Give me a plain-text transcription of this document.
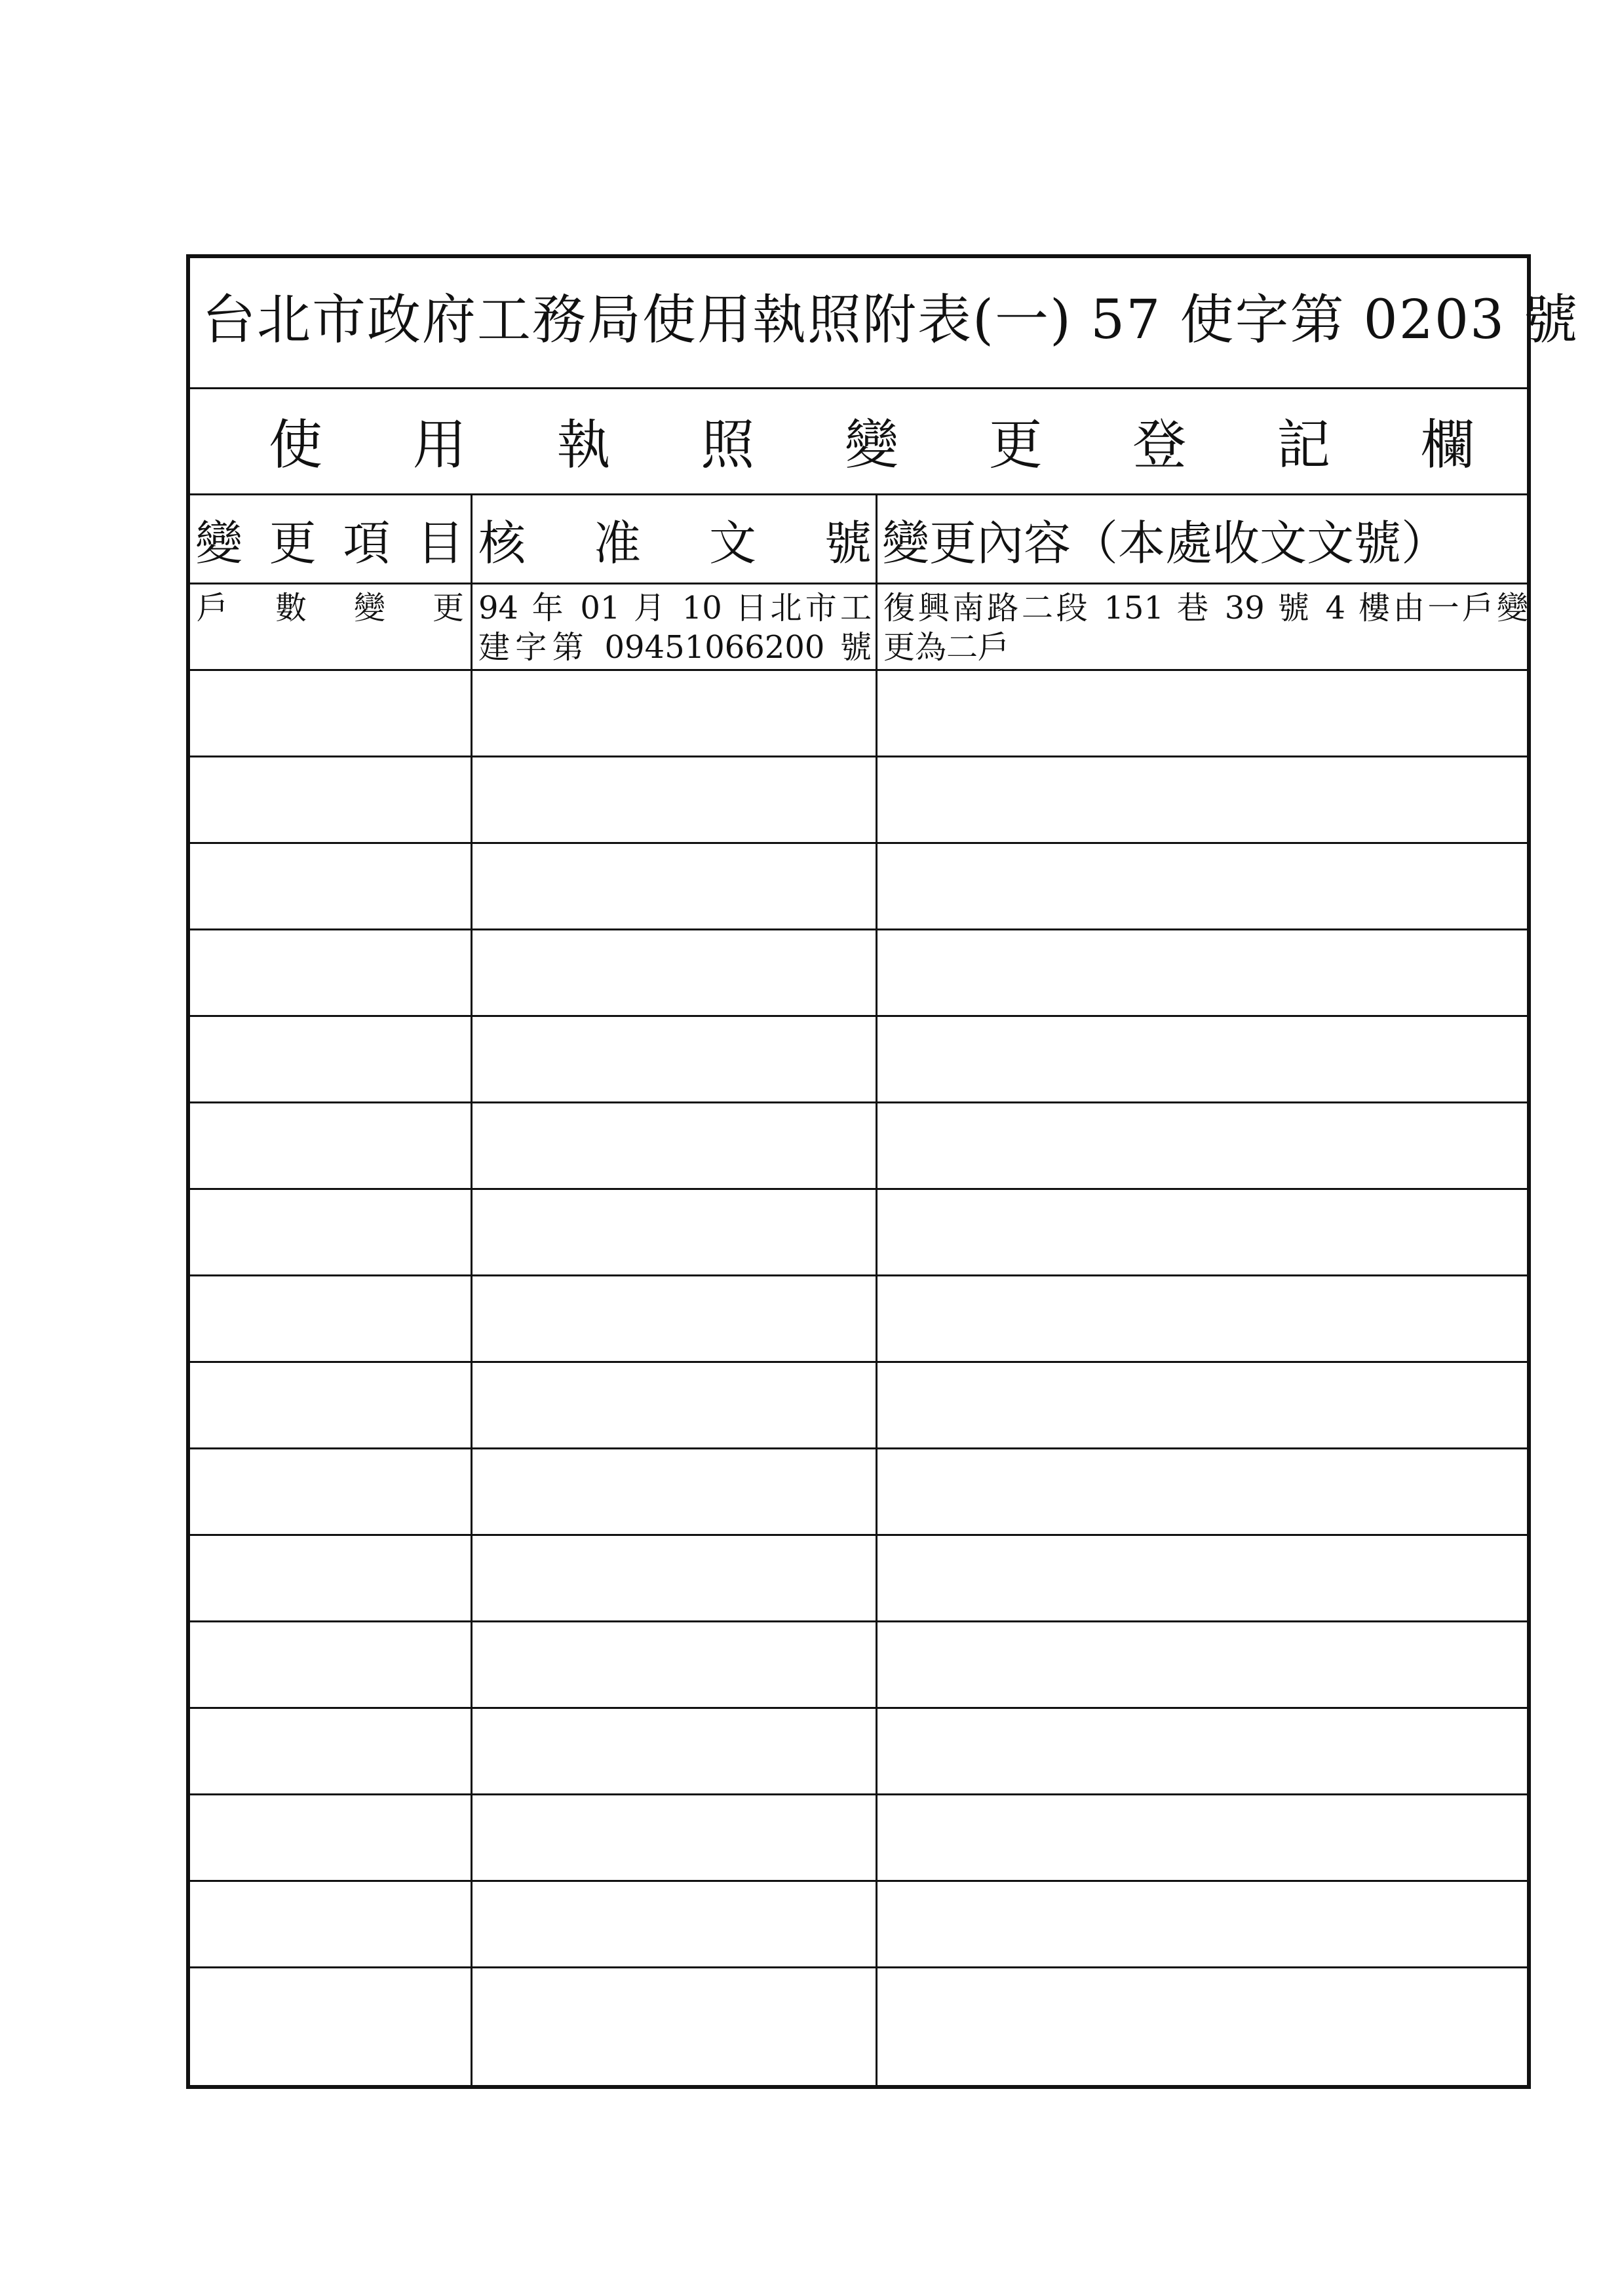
台北市政府工務局使用執照附表(一) 57 使字第 0203 號
使 用 執 照 變 更 登 記 欄
變 更 項 目 核 准 文 號 變更內容（本處收文文號）
戶 數 變 更 94 年 01 月 10 日北市工
建字第 09451066200 號
復興南路二段 151 巷 39 號 4 樓由一戶變
更為二戶
